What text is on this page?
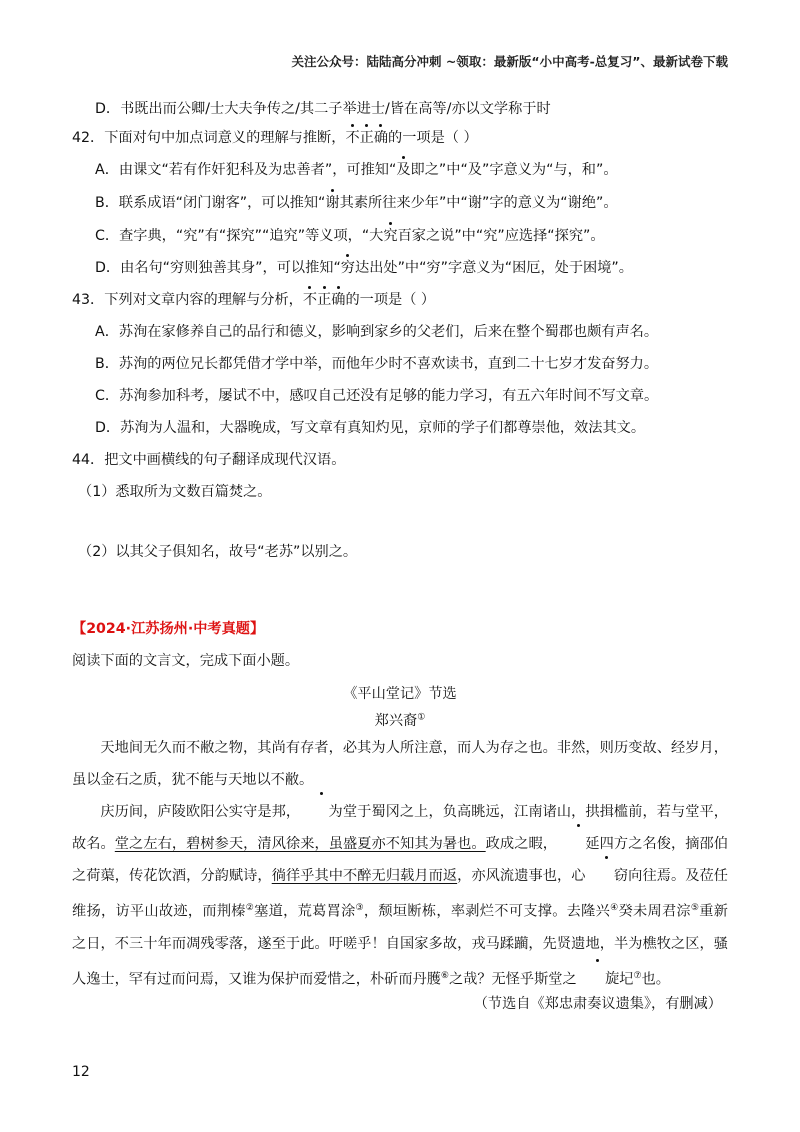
关注公众号：陆陆高分冲刺 ~领取：最新版“小中高考-总复习”、最新试卷下载
D．书既出而公卿/士大夫争传之/其二子举进士/皆在高等/亦以文学称于时
42．下面对句中加点词意义的理解与推断，不正确的一项是（ ）
A．由课文“若有作奸犯科及为忠善者”，可推知“及即之”中“及”字意义为“与，和”。
B．联系成语“闭门谢客”，可以推知“谢其素所往来少年”中“谢”字的意义为“谢绝”。
C．查字典，“究”有“探究”“追究”等义项，“大究百家之说”中“究”应选择“探究”。
D．由名句“穷则独善其身”，可以推知“穷达出处”中“穷”字意义为“困厄，处于困境”。
43．下列对文章内容的理解与分析，不正确的一项是（ ）
A．苏洵在家修养自己的品行和德义，影响到家乡的父老们，后来在整个蜀郡也颇有声名。
B．苏洵的两位兄长都凭借才学中举，而他年少时不喜欢读书，直到二十七岁才发奋努力。
C．苏洵参加科考，屡试不中，感叹自己还没有足够的能力学习，有五六年时间不写文章。
D．苏洵为人温和，大器晚成，写文章有真知灼见，京师的学子们都尊崇他，效法其文。
44．把文中画横线的句子翻译成现代汉语。
（1）悉取所为文数百篇焚之。
（2）以其父子俱知名，故号“老苏”以别之。
【2024·江苏扬州·中考真题】
阅读下面的文言文，完成下面小题。
《平山堂记》节选
郑兴裔①
天地间无久而不敝之物，其尚有存者，必其为人所注意，而人为存之也。非然，则历变故、经岁月，虽以金石之质，犹不能与天地以不敝。
庆历间，庐陵欧阳公实守是邦， 为堂于蜀冈之上，负高眺远，江南诸山，拱揖槛前，若与堂平，故名。堂之左右，碧树参天，清风徐来，虽盛夏亦不知其为暑也。政成之暇， 延四方之名俊，摘邵伯之荷蕖，传花饮酒，分韵赋诗，徜徉乎其中不醉无归载月而返，亦风流遗事也，心 窃向往焉。及莅任维扬，访平山故迹，而荆榛②塞道，荒葛罥涂③，颓垣断栋，率剥烂不可支撑。去隆兴④癸未周君淙⑤重新之日，不三十年而凋残零落，遂至于此。吁嗟乎！自国家多故，戎马蹂躏，先贤遗地，半为樵牧之区，骚人逸士，罕有过而问焉，又谁为保护而爱惜之，朴斫而丹臒⑥之哉？无怪乎斯堂之 旋圮⑦也。
（节选自《郑忠肃奏议遗集》，有删减）
12
